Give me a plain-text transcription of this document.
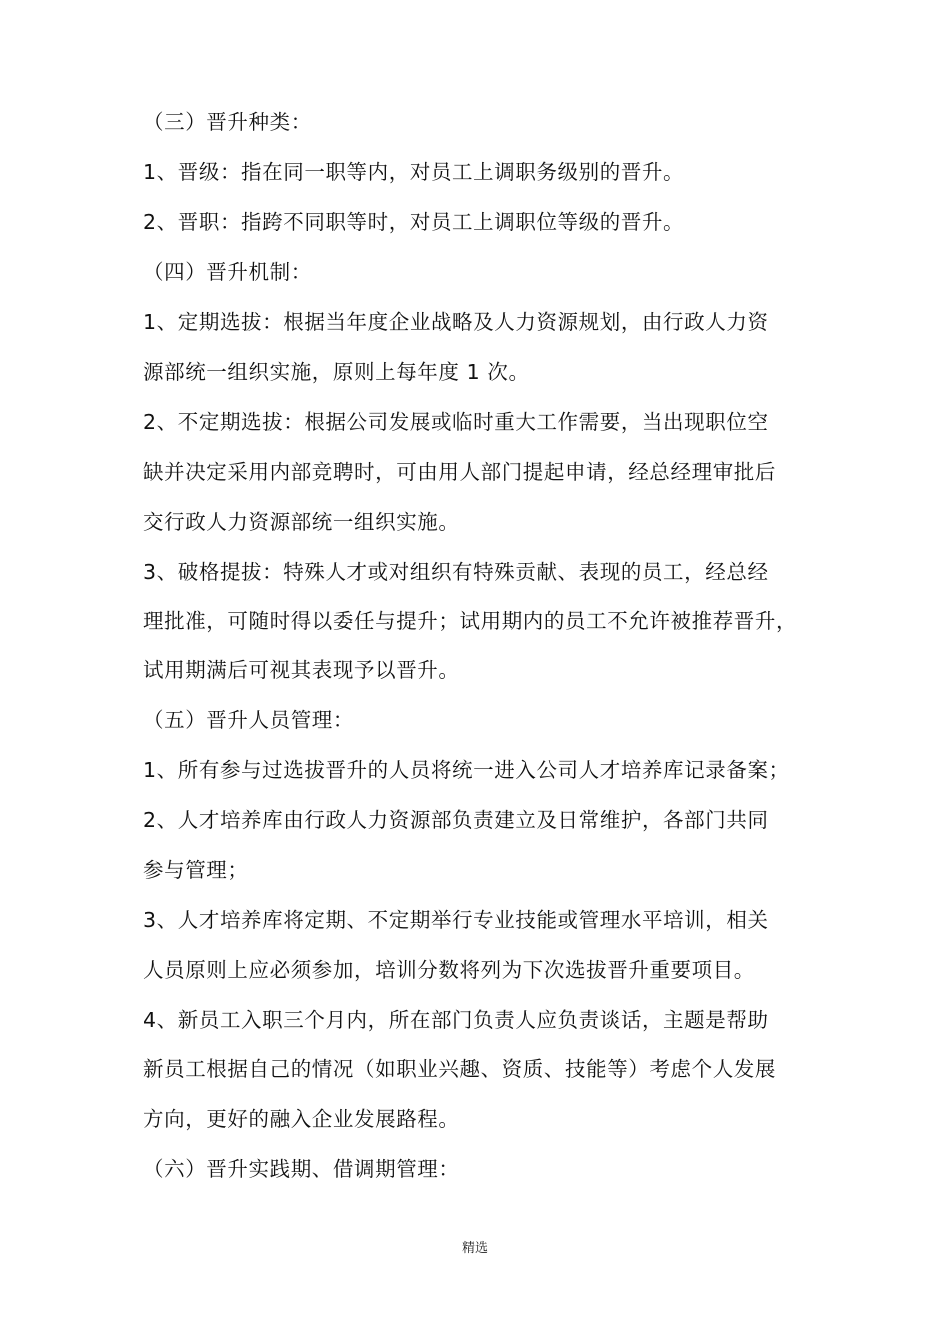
（三）晋升种类：
1、晋级：指在同一职等内，对员工上调职务级别的晋升。
2、晋职：指跨不同职等时，对员工上调职位等级的晋升。
（四）晋升机制：
1、定期选拔：根据当年度企业战略及人力资源规划，由行政人力资
源部统一组织实施，原则上每年度 1 次。
2、不定期选拔：根据公司发展或临时重大工作需要，当出现职位空
缺并决定采用内部竞聘时，可由用人部门提起申请，经总经理审批后
交行政人力资源部统一组织实施。
3、破格提拔：特殊人才或对组织有特殊贡献、表现的员工，经总经
理批准，可随时得以委任与提升；试用期内的员工不允许被推荐晋升，
试用期满后可视其表现予以晋升。
（五）晋升人员管理：
1、所有参与过选拔晋升的人员将统一进入公司人才培养库记录备案；
2、人才培养库由行政人力资源部负责建立及日常维护，各部门共同
参与管理；
3、人才培养库将定期、不定期举行专业技能或管理水平培训，相关
人员原则上应必须参加，培训分数将列为下次选拔晋升重要项目。
4、新员工入职三个月内，所在部门负责人应负责谈话，主题是帮助
新员工根据自己的情况（如职业兴趣、资质、技能等）考虑个人发展
方向，更好的融入企业发展路程。
（六）晋升实践期、借调期管理：
精选
